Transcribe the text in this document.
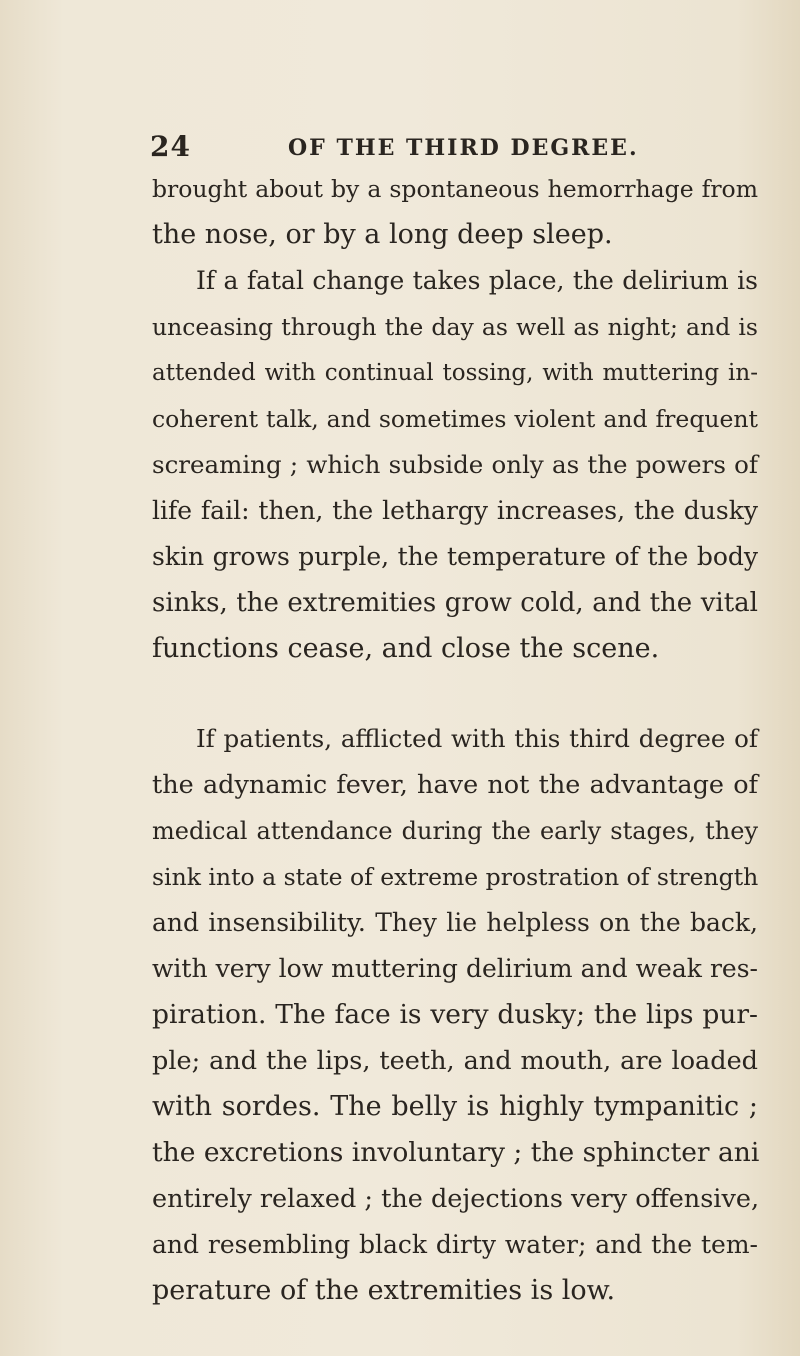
24	OF THE THIRD DEGREE.
brought about by a spontaneous hemorrhage from
the nose, or by a long deep sleep.
If a fatal change takes place, the delirium is
unceasing through the day as well as night; and is
attended with continual tossing, with muttering in-
coherent talk, and sometimes violent and frequent
screaming ; which subside only as the powers of
life fail: then, the lethargy increases, the dusky
skin grows purple, the temperature of the body
sinks, the extremities grow cold, and the vital
functions cease, and close the scene.
If patients, afflicted with this third degree of
the adynamic fever, have not the advantage of
medical attendance during the early stages, they
sink into a state of extreme prostration of strength
and insensibility. They lie helpless on the back,
with very low muttering delirium and weak res-
piration. The face is very dusky; the lips pur-
ple; and the lips, teeth, and mouth, are loaded
with sordes. The belly is highly tympanitic ;
the excretions involuntary ; the sphincter ani
entirely relaxed ; the dejections very offensive,
and resembling black dirty water; and the tem-
perature of the extremities is low.
